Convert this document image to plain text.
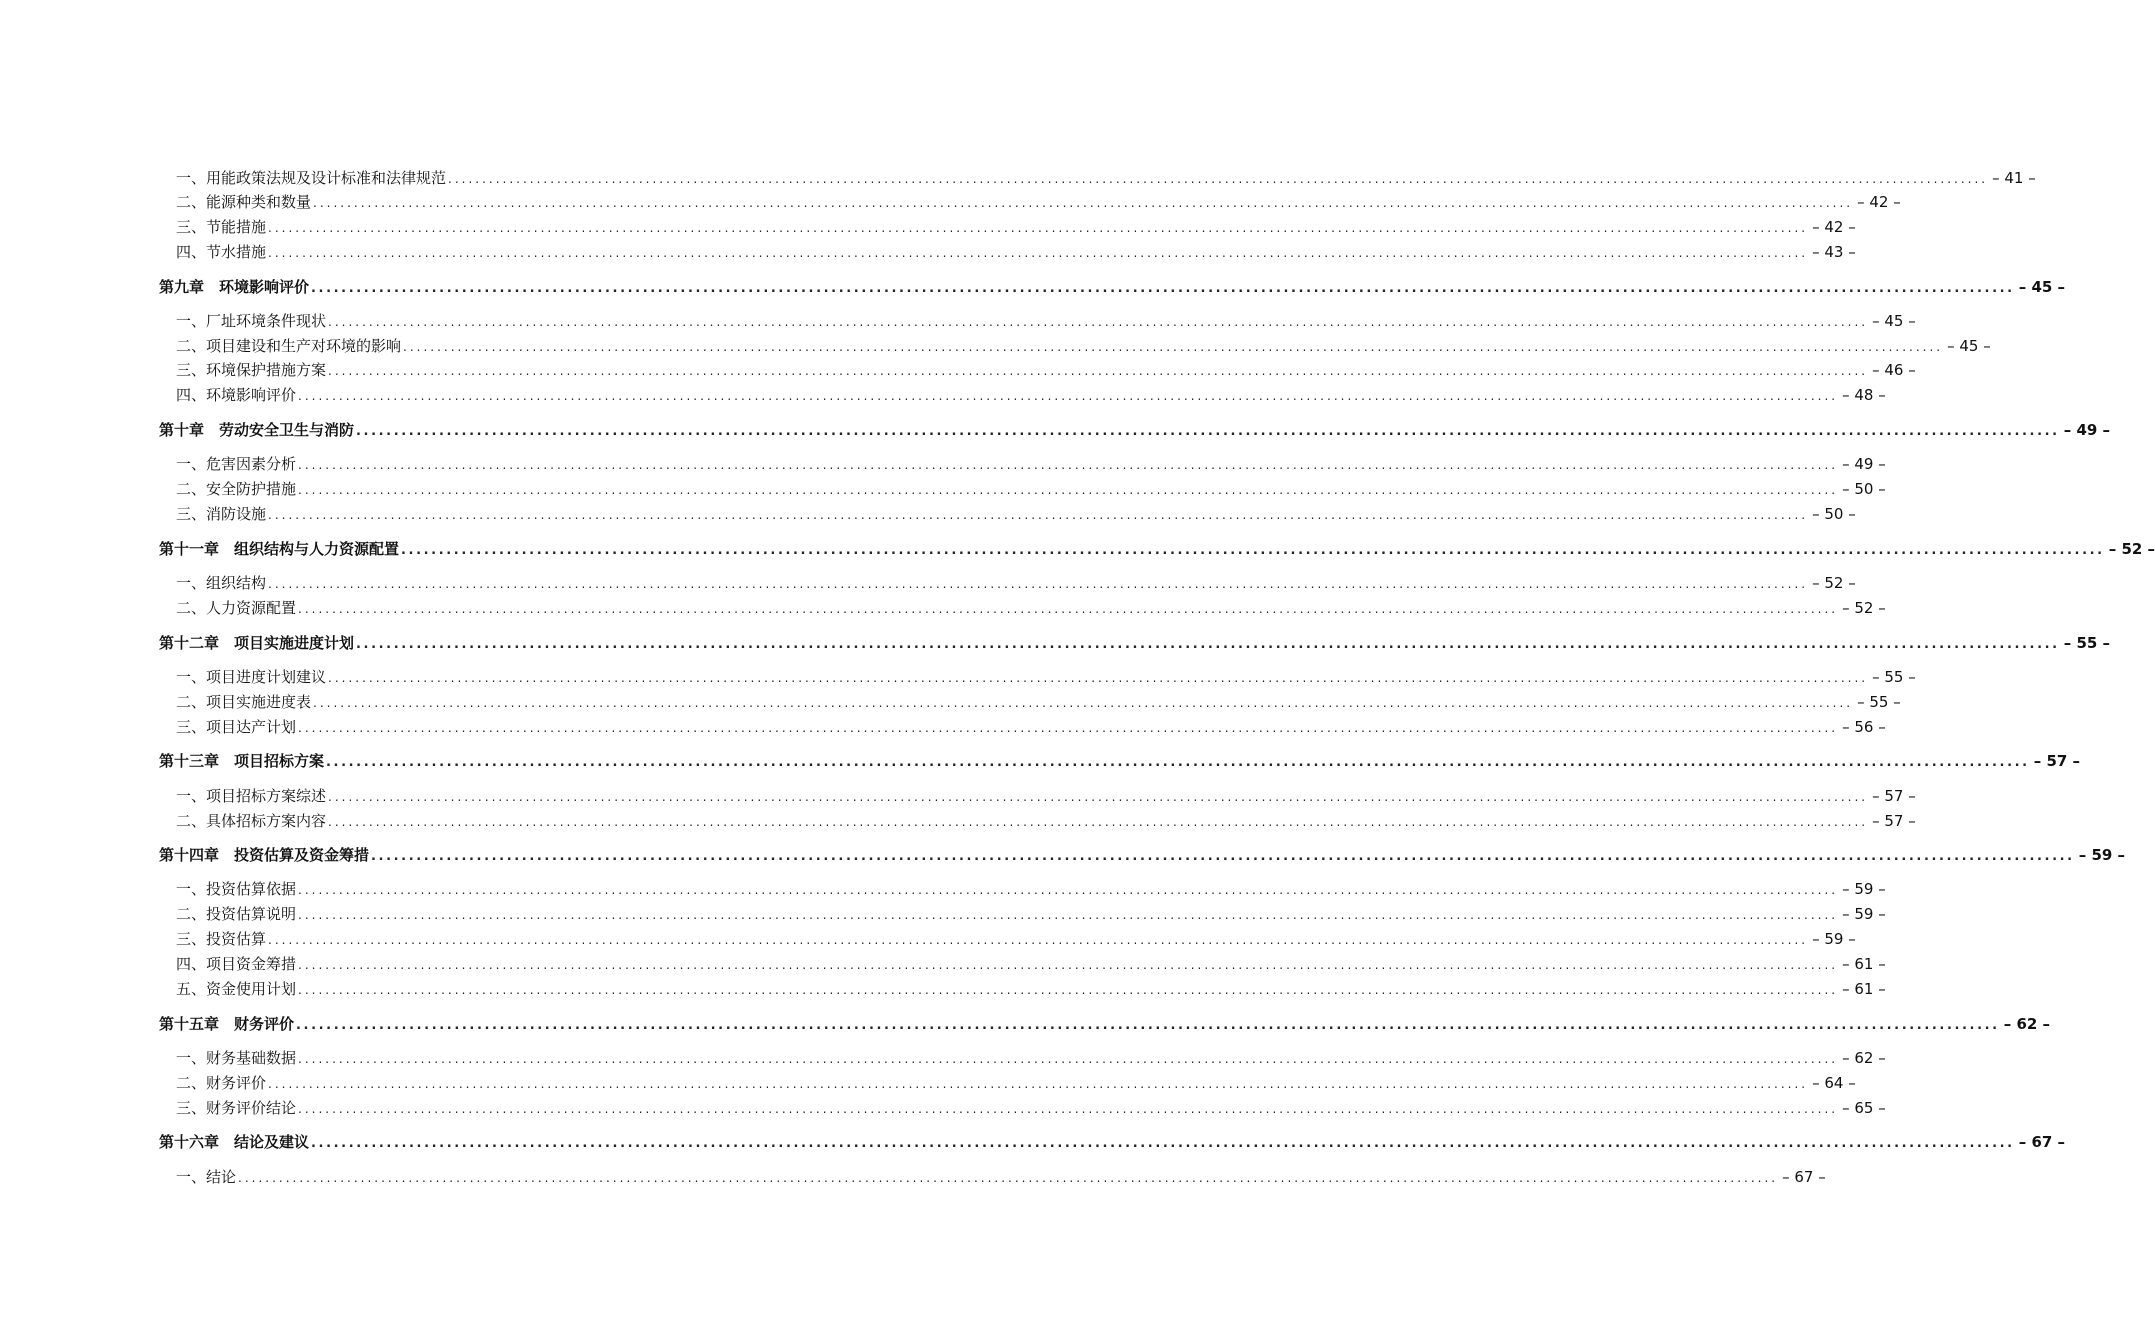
一、用能政策法规及设计标准和法律规范 .................................................................................................................................................................................................................................. – 41 –
二、能源种类和数量 .................................................................................................................................................................................................................................. – 42 –
三、节能措施 .................................................................................................................................................................................................................................. – 42 –
四、节水措施 .................................................................................................................................................................................................................................. – 43 –
第九章　环境影响评价 .................................................................................................................................................................................................................................. – 45 –
一、厂址环境条件现状 .................................................................................................................................................................................................................................. – 45 –
二、项目建设和生产对环境的影响 .................................................................................................................................................................................................................................. – 45 –
三、环境保护措施方案 .................................................................................................................................................................................................................................. – 46 –
四、环境影响评价 .................................................................................................................................................................................................................................. – 48 –
第十章　劳动安全卫生与消防 .................................................................................................................................................................................................................................. – 49 –
一、危害因素分析 .................................................................................................................................................................................................................................. – 49 –
二、安全防护措施 .................................................................................................................................................................................................................................. – 50 –
三、消防设施 .................................................................................................................................................................................................................................. – 50 –
第十一章　组织结构与人力资源配置 .................................................................................................................................................................................................................................. – 52 –
一、组织结构 .................................................................................................................................................................................................................................. – 52 –
二、人力资源配置 .................................................................................................................................................................................................................................. – 52 –
第十二章　项目实施进度计划 .................................................................................................................................................................................................................................. – 55 –
一、项目进度计划建议 .................................................................................................................................................................................................................................. – 55 –
二、项目实施进度表 .................................................................................................................................................................................................................................. – 55 –
三、项目达产计划 .................................................................................................................................................................................................................................. – 56 –
第十三章　项目招标方案 .................................................................................................................................................................................................................................. – 57 –
一、项目招标方案综述 .................................................................................................................................................................................................................................. – 57 –
二、具体招标方案内容 .................................................................................................................................................................................................................................. – 57 –
第十四章　投资估算及资金筹措 .................................................................................................................................................................................................................................. – 59 –
一、投资估算依据 .................................................................................................................................................................................................................................. – 59 –
二、投资估算说明 .................................................................................................................................................................................................................................. – 59 –
三、投资估算 .................................................................................................................................................................................................................................. – 59 –
四、项目资金筹措 .................................................................................................................................................................................................................................. – 61 –
五、资金使用计划 .................................................................................................................................................................................................................................. – 61 –
第十五章　财务评价 .................................................................................................................................................................................................................................. – 62 –
一、财务基础数据 .................................................................................................................................................................................................................................. – 62 –
二、财务评价 .................................................................................................................................................................................................................................. – 64 –
三、财务评价结论 .................................................................................................................................................................................................................................. – 65 –
第十六章　结论及建议 .................................................................................................................................................................................................................................. – 67 –
一、结论 .................................................................................................................................................................................................................................. – 67 –
